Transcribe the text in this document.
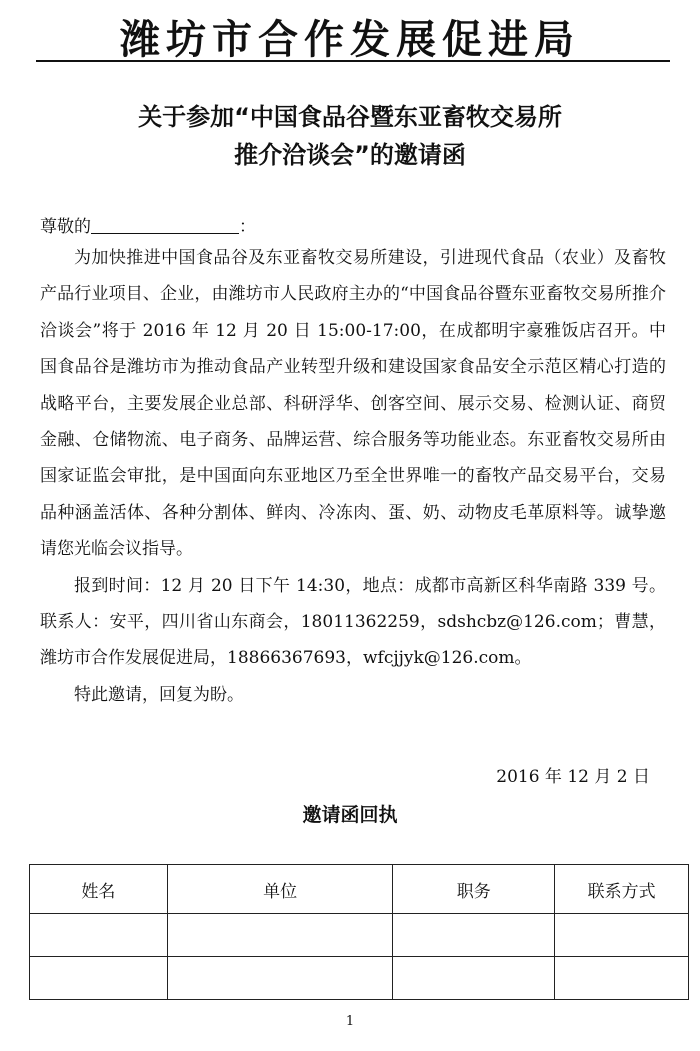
潍坊市合作发展促进局
关于参加“中国食品谷暨东亚畜牧交易所
推介洽谈会”的邀请函
尊敬的	：

为加快推进中国食品谷及东亚畜牧交易所建设，引进现代食品（农业）及畜牧产品行业项目、企业，由潍坊市人民政府主办的“中国食品谷暨东亚畜牧交易所推介洽谈会”将于 2016 年 12 月 20 日 15:00-17:00，在成都明宇豪雅饭店召开。中国食品谷是潍坊市为推动食品产业转型升级和建设国家食品安全示范区精心打造的战略平台，主要发展企业总部、科研浮华、创客空间、展示交易、检测认证、商贸金融、仓储物流、电子商务、品牌运营、综合服务等功能业态。东亚畜牧交易所由国家证监会审批，是中国面向东亚地区乃至全世界唯一的畜牧产品交易平台，交易品种涵盖活体、各种分割体、鲜肉、冷冻肉、蛋、奶、动物皮毛革原料等。诚挚邀请您光临会议指导。

报到时间：12 月 20 日下午 14:30，地点：成都市高新区科华南路 339 号。联系人：安平，四川省山东商会，18011362259，sdshcbz@126.com；曹慧，潍坊市合作发展促进局，18866367693，wfcjjyk@126.com。

特此邀请，回复为盼。

2016 年 12 月 2 日
邀请函回执
姓名	单位	职务	联系方式

1
